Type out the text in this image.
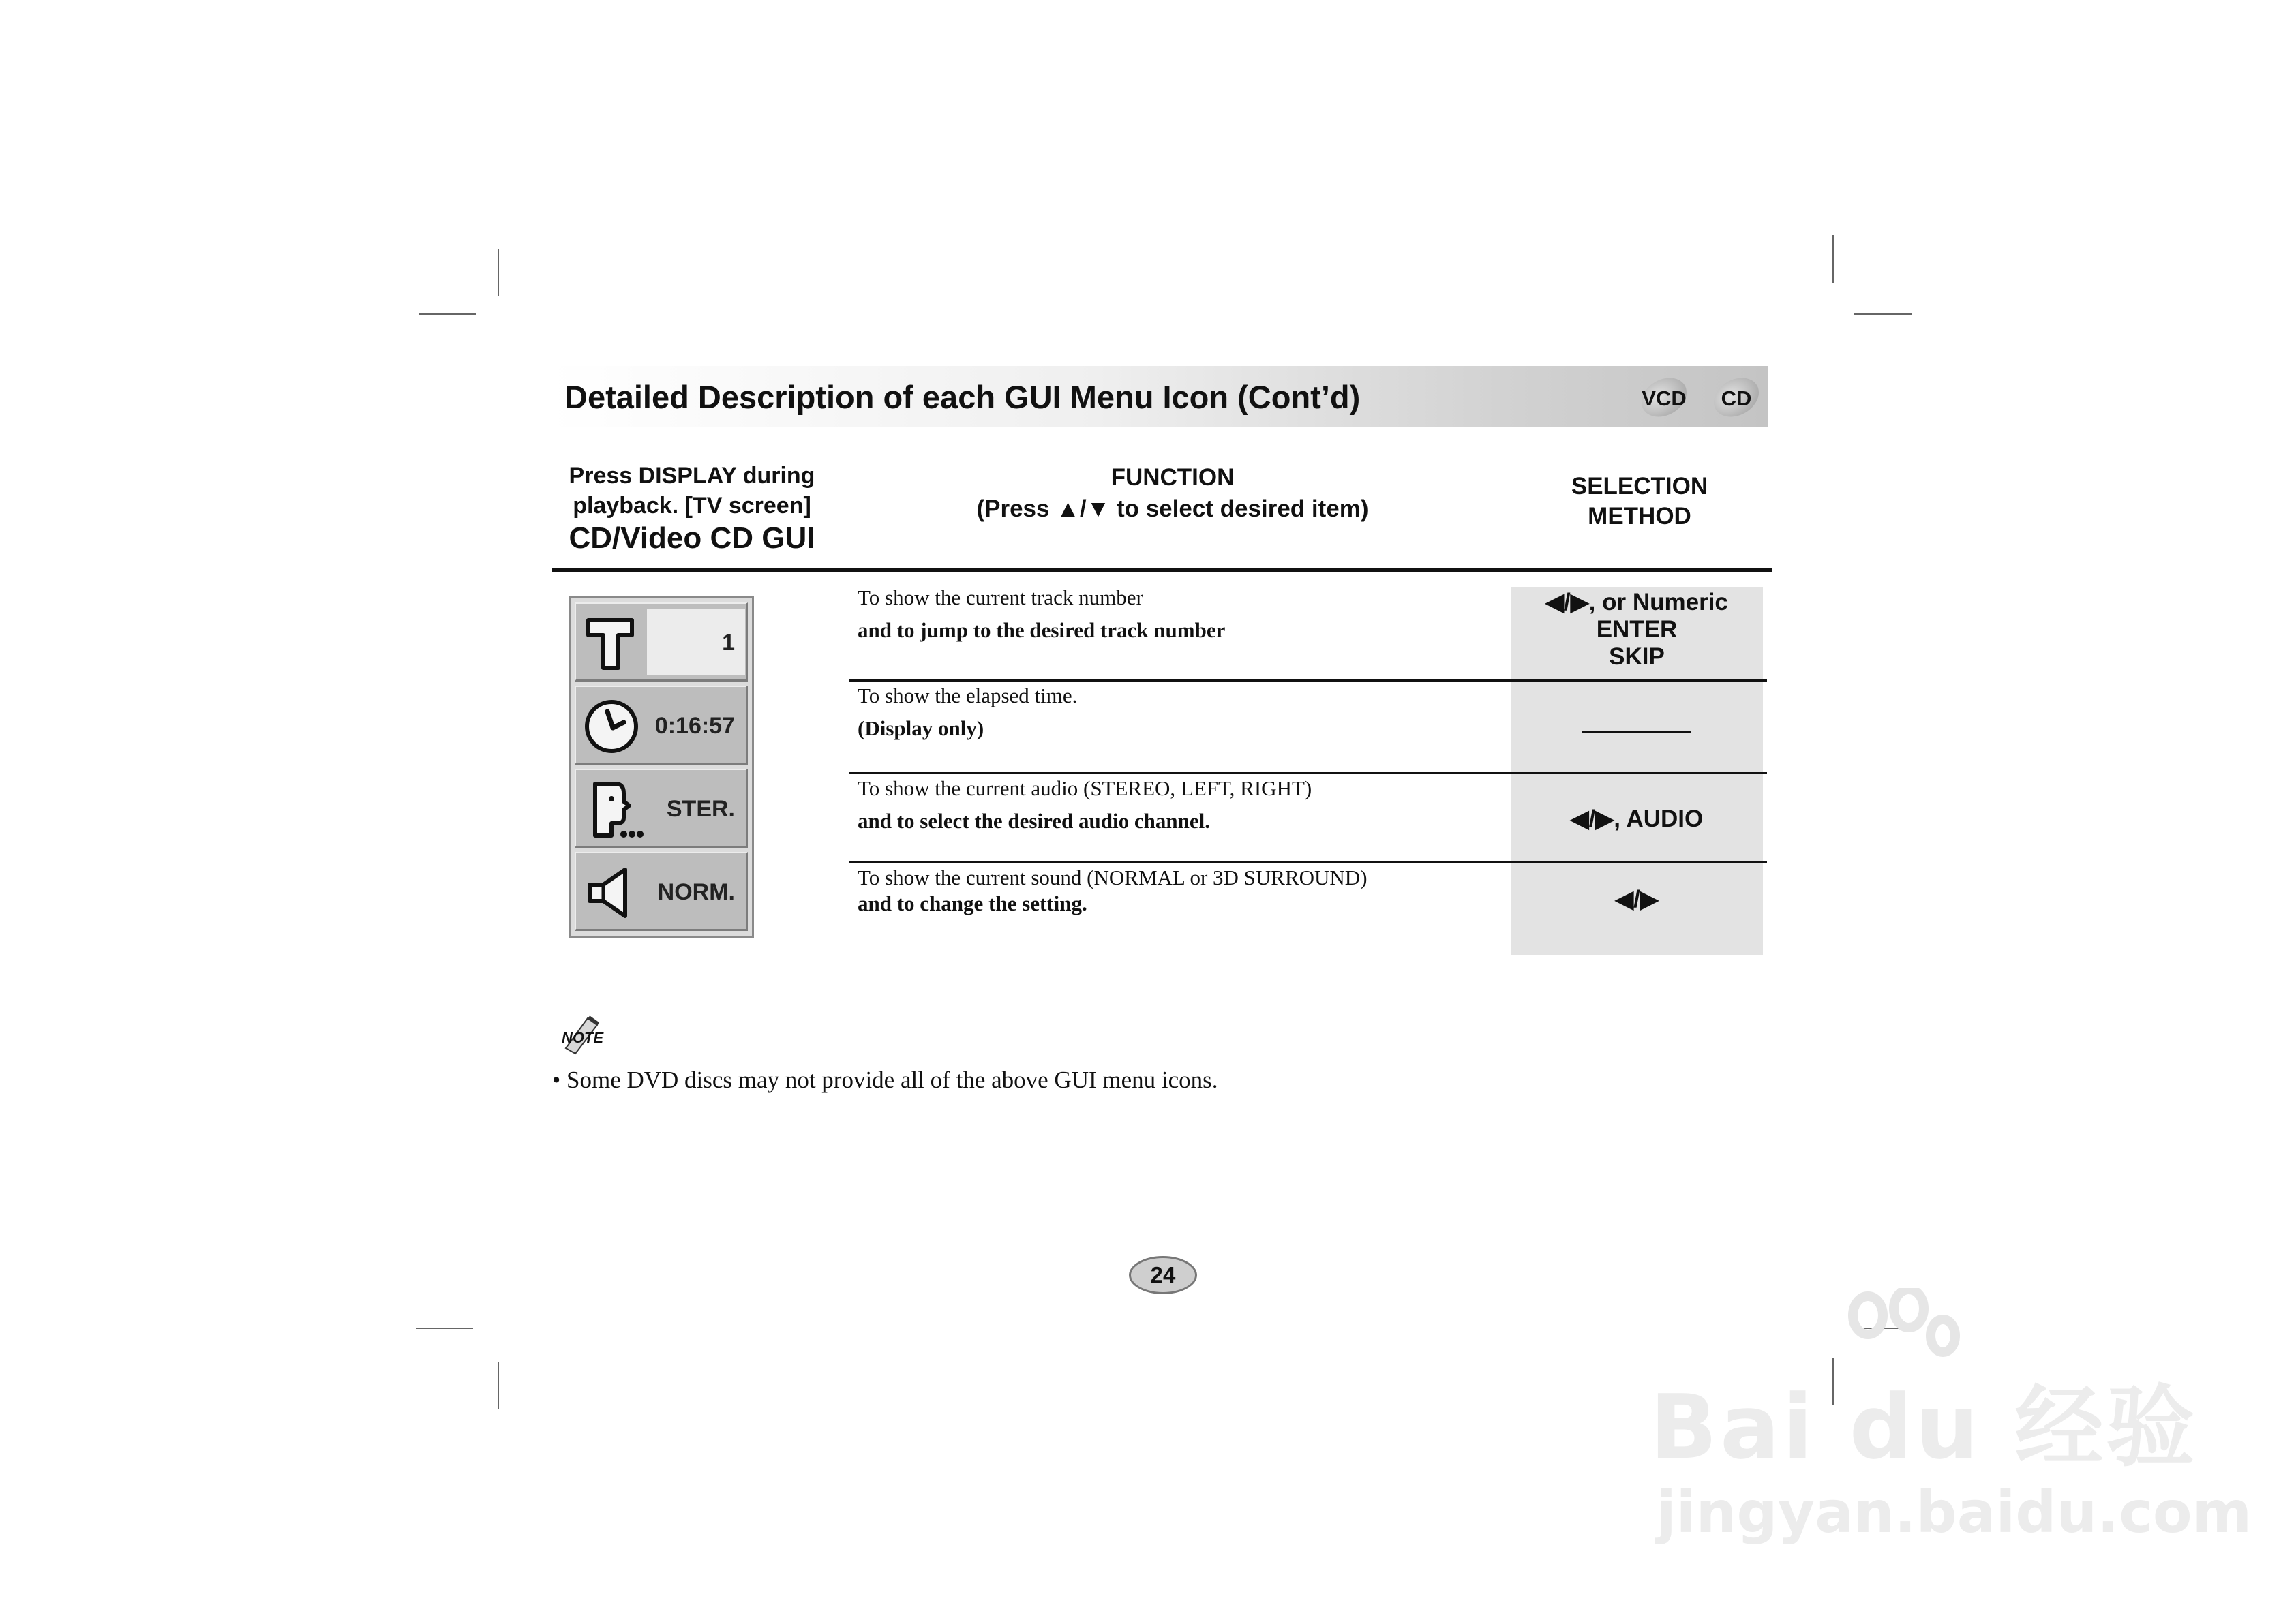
Detailed Description of each GUI Menu Icon (Cont’d)	VCD	CD
Press DISPLAY during
playback. [TV screen]
CD/Video CD GUI
FUNCTION
(Press ▲/▼ to select desired item)
SELECTION
METHOD
1
0:16:57
STER.
NORM.
◀/▶, or Numeric
ENTER
SKIP
◀/▶, AUDIO
◀/▶
To show the current track number
and to jump to the desired track number
To show the elapsed time.
(Display only)
To show the current audio (STEREO, LEFT, RIGHT)
and to select the desired audio channel.
To show the current sound (NORMAL or 3D SURROUND)
and to change the setting.
NOTE
• Some DVD discs may not provide all of the above GUI menu icons.
24
Bai du 经验
jingyan.baidu.com
